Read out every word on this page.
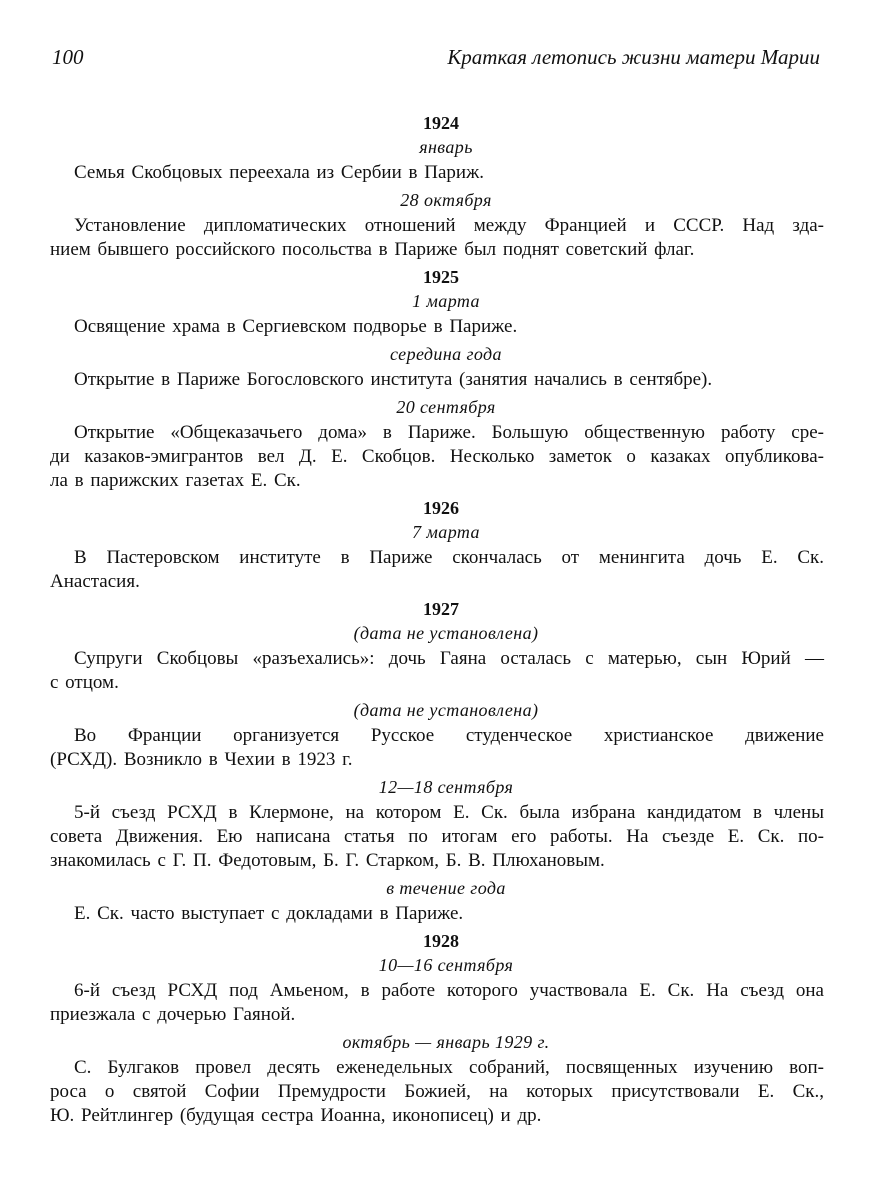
100	Краткая летопись жизни матери Марии
1924
январь
Семья Скобцовых переехала из Сербии в Париж.
28 октября
Установление дипломатических отношений между Францией и СССР. Над зда-
нием бывшего российского посольства в Париже был поднят советский флаг.
1925
1 марта
Освящение храма в Сергиевском подворье в Париже.
середина года
Открытие в Париже Богословского института (занятия начались в сентябре).
20 сентября
Открытие «Общеказачьего дома» в Париже. Большую общественную работу сре-
ди казаков-эмигрантов вел Д. Е. Скобцов. Несколько заметок о казаках опубликова-
ла в парижских газетах Е. Ск.
1926
7 марта
В Пастеровском институте в Париже скончалась от менингита дочь Е. Ск.
Анастасия.
1927
(дата не установлена)
Супруги Скобцовы «разъехались»: дочь Гаяна осталась с матерью, сын Юрий —
с отцом.
(дата не установлена)
Во Франции организуется Русское студенческое христианское движение
(РСХД). Возникло в Чехии в 1923 г.
12—18 сентября
5-й съезд РСХД в Клермоне, на котором Е. Ск. была избрана кандидатом в члены
совета Движения. Ею написана статья по итогам его работы. На съезде Е. Ск. по-
знакомилась с Г. П. Федотовым, Б. Г. Старком, Б. В. Плюхановым.
в течение года
Е. Ск. часто выступает с докладами в Париже.
1928
10—16 сентября
6-й съезд РСХД под Амьеном, в работе которого участвовала Е. Ск. На съезд она
приезжала с дочерью Гаяной.
октябрь — январь 1929 г.
С. Булгаков провел десять еженедельных собраний, посвященных изучению воп-
роса о святой Софии Премудрости Божией, на которых присутствовали Е. Ск.,
Ю. Рейтлингер (будущая сестра Иоанна, иконописец) и др.
